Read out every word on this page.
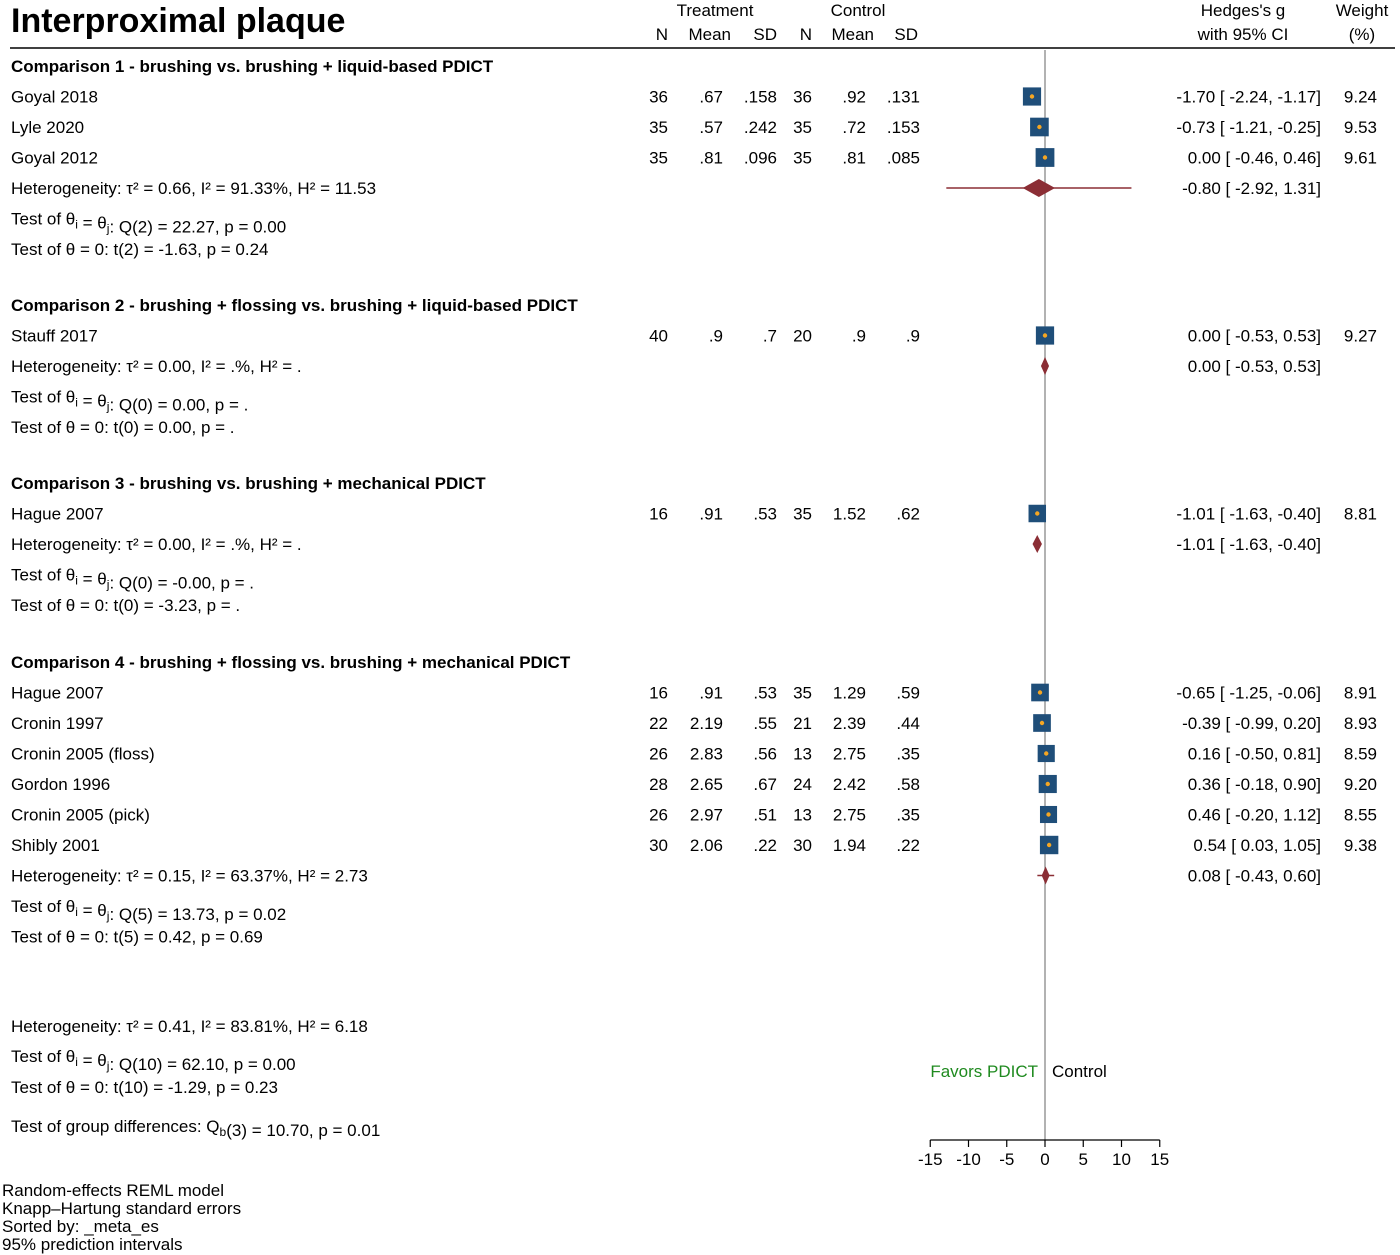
Interproximal plaque	Treatment	Control
N Mean SD N Mean SD
Hedges's g
with 95% CI
Weight
(%)
Comparison 1 - brushing vs. brushing + liquid-based PDICT
Goyal 2018	36 .67 .158 36 .92 .131	-1.70 [ -2.24, -1.17] 9.24
Lyle 2020	35 .57 .242 35 .72 .153	-0.73 [ -1.21, -0.25] 9.53
Goyal 2012	35 .81 .096 35 .81 .085	0.00 [ -0.46, 0.46] 9.61
Heterogeneity: τ² = 0.66, I² = 91.33%, H² = 11.53	-0.80 [ -2.92, 1.31]
Test of $\theta_i = \theta_j$: Q(2) = 22.27, p = 0.00
Test of θ = 0: t(2) = -1.63, p = 0.24
Comparison 2 - brushing + flossing vs. brushing + liquid-based PDICT
Stauff 2017	40 .9 .7 20 .9 .9	0.00 [ -0.53, 0.53] 9.27
Heterogeneity: τ² = 0.00, I² = .%, H² = .	0.00 [ -0.53, 0.53]
Test of $\theta_i = \theta_j$: Q(0) = 0.00, p = .
Test of θ = 0: t(0) = 0.00, p = .
Comparison 3 - brushing vs. brushing + mechanical PDICT
Hague 2007	16 .91 .53 35 1.52 .62	-1.01 [ -1.63, -0.40] 8.81
Heterogeneity: τ² = 0.00, I² = .%, H² = .	-1.01 [ -1.63, -0.40]
Test of $\theta_i = \theta_j$: Q(0) = -0.00, p = .
Test of θ = 0: t(0) = -3.23, p = .
Comparison 4 - brushing + flossing vs. brushing + mechanical PDICT
Hague 2007	16 .91 .53 35 1.29 .59	-0.65 [ -1.25, -0.06] 8.91
Cronin 1997	22 2.19 .55 21 2.39 .44	-0.39 [ -0.99, 0.20] 8.93
Cronin 2005 (floss)	26 2.83 .56 13 2.75 .35	0.16 [ -0.50, 0.81] 8.59
Gordon 1996	28 2.65 .67 24 2.42 .58	0.36 [ -0.18, 0.90] 9.20
Cronin 2005 (pick)	26 2.97 .51 13 2.75 .35	0.46 [ -0.20, 1.12] 8.55
Shibly 2001	30 2.06 .22 30 1.94 .22	0.54 [ 0.03, 1.05] 9.38
Heterogeneity: τ² = 0.15, I² = 63.37%, H² = 2.73	0.08 [ -0.43, 0.60]
Test of $\theta_i = \theta_j$: Q(5) = 13.73, p = 0.02
Test of θ = 0: t(5) = 0.42, p = 0.69
Heterogeneity: τ² = 0.41, I² = 83.81%, H² = 6.18
Test of $\theta_i = \theta_j$: Q(10) = 62.10, p = 0.00
Test of θ = 0: t(10) = -1.29, p = 0.23
Test of group differences: $Q_b(3) = 10.70$, p = 0.01
Favors PDICT Control
-15 -10 -5 0 5 10 15
Random-effects REML model
Knapp–Hartung standard errors
Sorted by: _meta_es
95% prediction intervals
